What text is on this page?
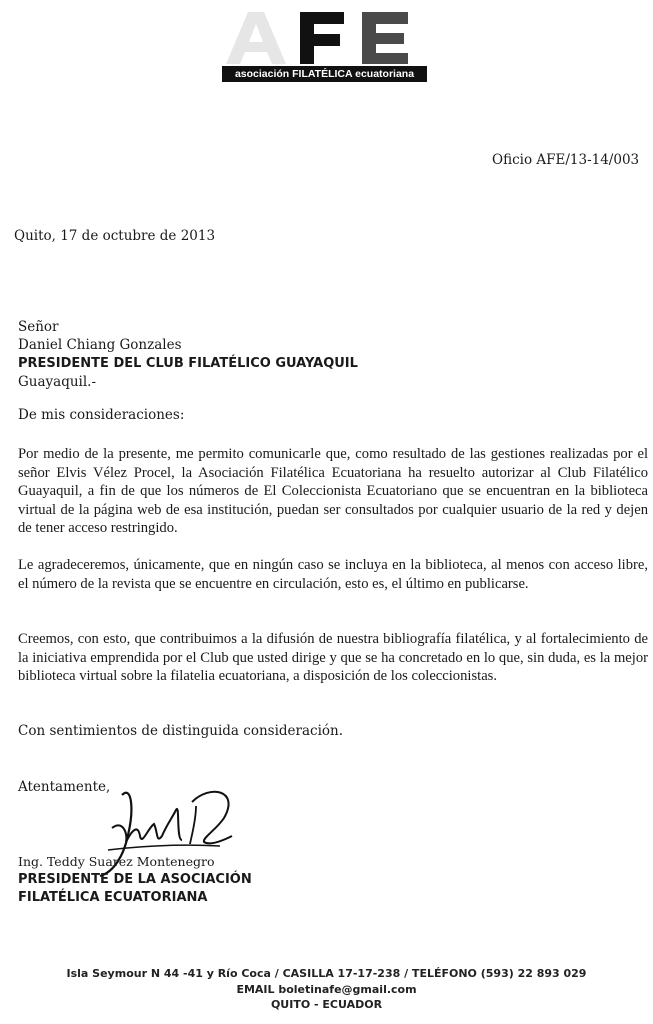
asociación FILATÉLICA ecuatoriana
Oficio AFE/13-14/003
Quito, 17 de octubre de 2013
Señor
Daniel Chiang Gonzales
PRESIDENTE DEL CLUB FILATÉLICO GUAYAQUIL
Guayaquil.-
De mis consideraciones:

Por medio de la presente, me permito comunicarle que, como resultado de las gestiones realizadas por el señor Elvis Vélez Procel, la Asociación Filatélica Ecuatoriana ha resuelto autorizar al Club Filatélico Guayaquil, a fin de que los números de El Coleccionista Ecuatoriano que se encuentran en la biblioteca virtual de la página web de esa institución, puedan ser consultados por cualquier usuario de la red y dejen de tener acceso restringido.

Le agradeceremos, únicamente, que en ningún caso se incluya en la biblioteca, al menos con acceso libre, el número de la revista que se encuentre en circulación, esto es, el último en publicarse.

Creemos, con esto, que contribuimos a la difusión de nuestra bibliografía filatélica, y al fortalecimiento de la iniciativa emprendida por el Club que usted dirige y que se ha concretado en lo que, sin duda, es la mejor biblioteca virtual sobre la filatelia ecuatoriana, a disposición de los coleccionistas.

Con sentimientos de distinguida consideración.
Atentamente,
Ing. Teddy Suarez Montenegro
PRESIDENTE DE LA ASOCIACIÓN
FILATÉLICA ECUATORIANA
Isla Seymour N 44 -41 y Río Coca / CASILLA 17-17-238 / TELÉFONO (593) 22 893 029
EMAIL boletinafe@gmail.com
QUITO - ECUADOR
